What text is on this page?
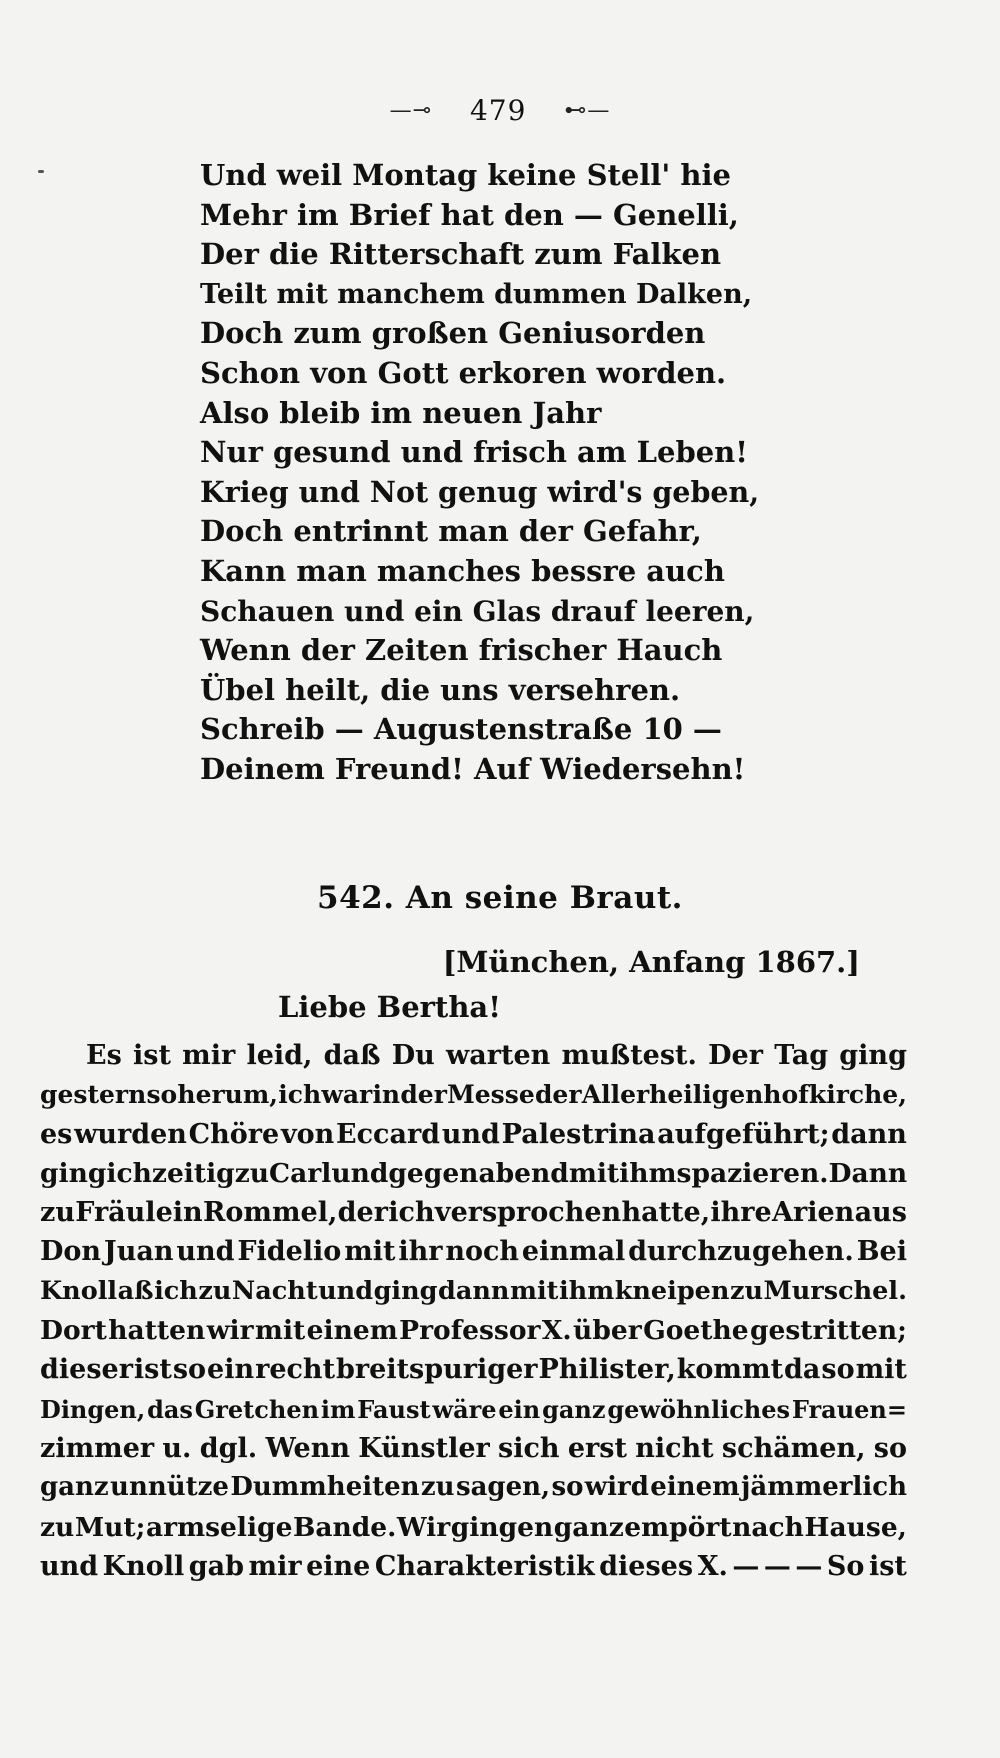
—⊸ 479 ⊷—
Und weil Montag keine Stell' hie
Mehr im Brief hat den — Genelli,
Der die Ritterschaft zum Falken
Teilt mit manchem dummen Dalken,
Doch zum großen Geniusorden
Schon von Gott erkoren worden.
Also bleib im neuen Jahr
Nur gesund und frisch am Leben!
Krieg und Not genug wird's geben,
Doch entrinnt man der Gefahr,
Kann man manches bessre auch
Schauen und ein Glas drauf leeren,
Wenn der Zeiten frischer Hauch
Übel heilt, die uns versehren.
Schreib — Augustenstraße 10 —
Deinem Freund! Auf Wiedersehn!
542. An seine Braut.
[München, Anfang 1867.]
Liebe Bertha!
Es ist mir leid, daß Du warten mußtest. Der Tag ging
gestern so herum, ich war in der Messe der Allerheiligenhofkirche,
es wurden Chöre von Eccard und Palestrina aufgeführt; dann
ging ich zeitig zu Carl und gegen abend mit ihm spazieren. Dann
zu Fräulein Rommel, der ich versprochen hatte, ihre Arien aus
Don Juan und Fidelio mit ihr noch einmal durchzugehen. Bei
Knoll aß ich zu Nacht und ging dann mit ihm kneipen zu Murschel.
Dort hatten wir mit einem Professor X. über Goethe gestritten;
dieser ist so ein recht breitspuriger Philister, kommt da so mit
Dingen, das Gretchen im Faust wäre ein ganz gewöhnliches Frauen=
zimmer u. dgl. Wenn Künstler sich erst nicht schämen, so
ganz unnütze Dummheiten zu sagen, so wird einem jämmerlich
zu Mut; armselige Bande. Wir gingen ganz empört nach Hause,
und Knoll gab mir eine Charakteristik dieses X. — — — So ist
